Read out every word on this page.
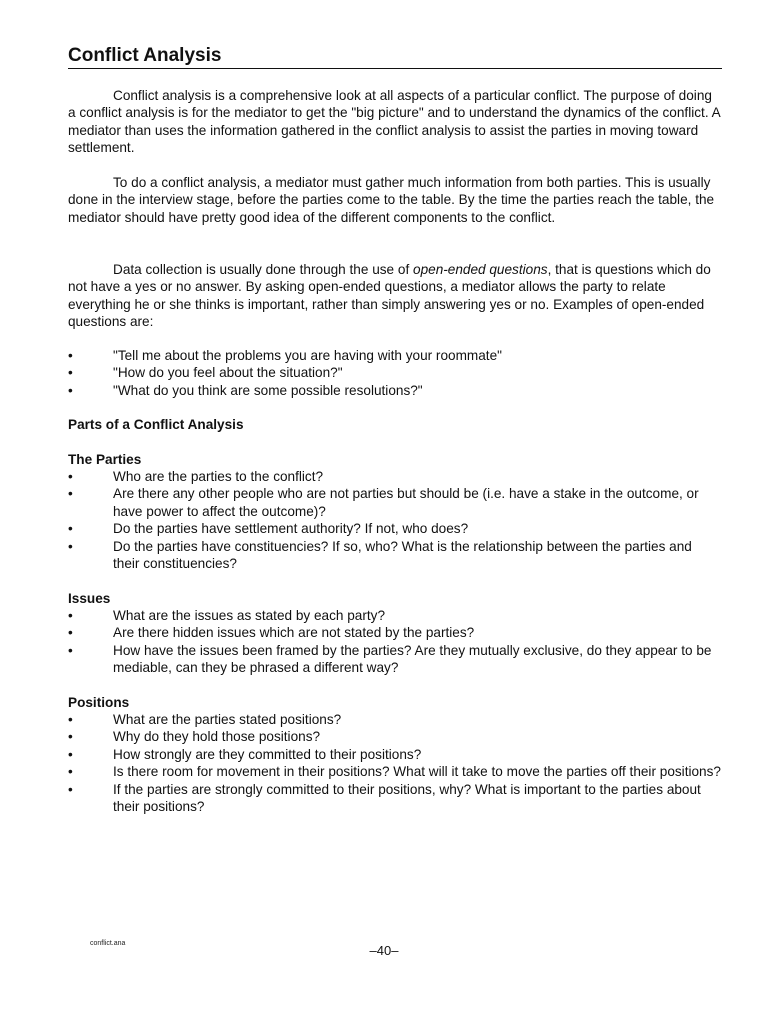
Conflict Analysis

Conflict analysis is a comprehensive look at all aspects of a particular conflict. The purpose of doing a conflict analysis is for the mediator to get the "big picture" and to understand the dynamics of the conflict. A mediator than uses the information gathered in the conflict analysis to assist the parties in moving toward settlement.

To do a conflict analysis, a mediator must gather much information from both parties. This is usually done in the interview stage, before the parties come to the table. By the time the parties reach the table, the mediator should have pretty good idea of the different components to the conflict.

Data collection is usually done through the use of open-ended questions, that is questions which do not have a yes or no answer. By asking open-ended questions, a mediator allows the party to relate everything he or she thinks is important, rather than simply answering yes or no. Examples of open-ended questions are:

•	"Tell me about the problems you are having with your roommate"
•	"How do you feel about the situation?"
•	"What do you think are some possible resolutions?"
Parts of a Conflict Analysis
The Parties
•	Who are the parties to the conflict?
•	Are there any other people who are not parties but should be (i.e. have a stake in the outcome, or have power to affect the outcome)?
•	Do the parties have settlement authority? If not, who does?
•	Do the parties have constituencies? If so, who? What is the relationship between the parties and their constituencies?
Issues
•	What are the issues as stated by each party?
•	Are there hidden issues which are not stated by the parties?
•	How have the issues been framed by the parties? Are they mutually exclusive, do they appear to be mediable, can they be phrased a different way?
Positions
•	What are the parties stated positions?
•	Why do they hold those positions?
•	How strongly are they committed to their positions?
•	Is there room for movement in their positions? What will it take to move the parties off their positions?
•	If the parties are strongly committed to their positions, why? What is important to the parties about their positions?
conflict.ana	–40–
